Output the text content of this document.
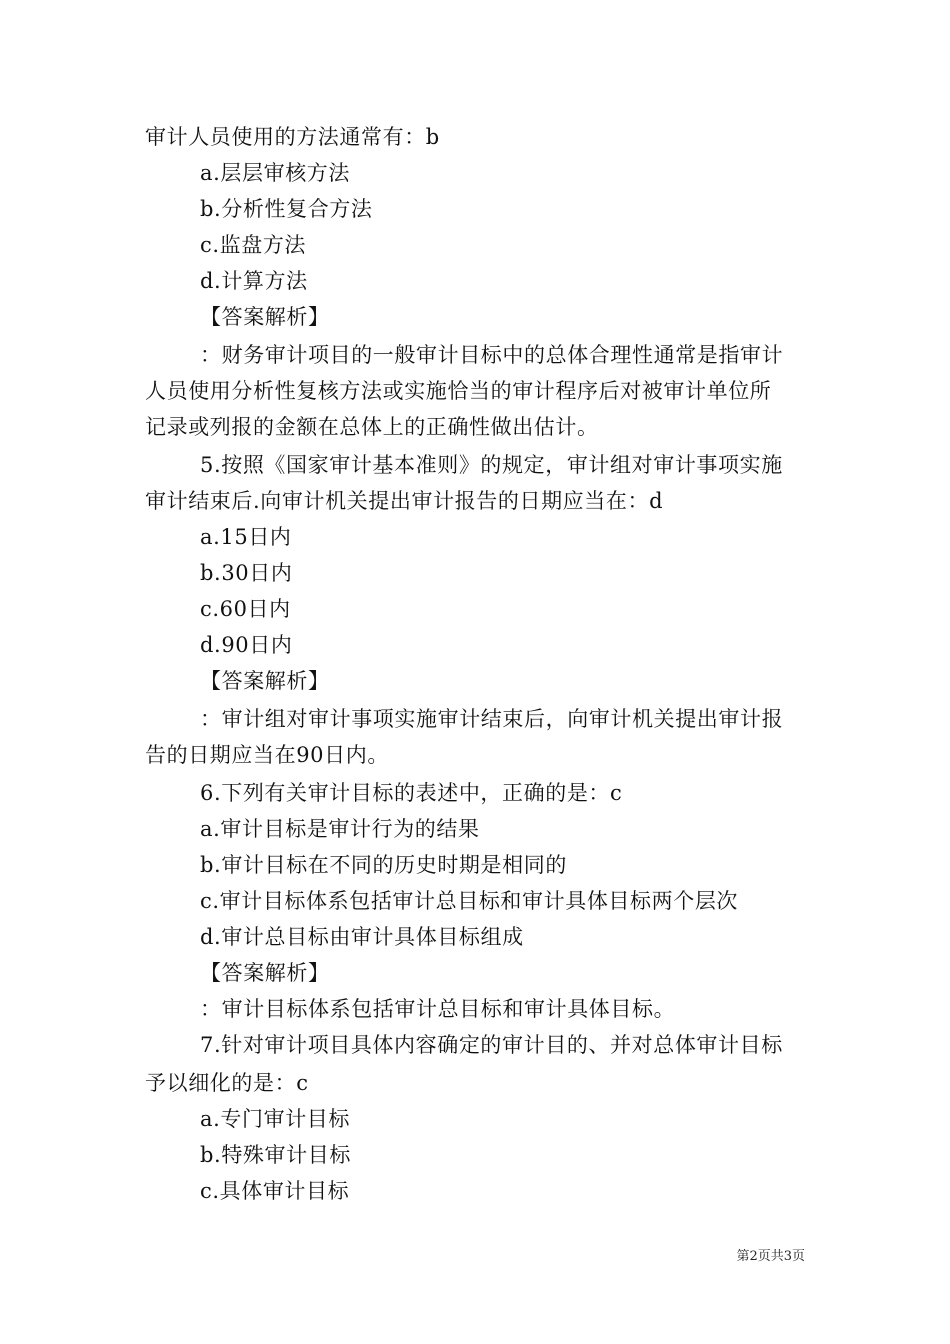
审计人员使用的方法通常有：b
a.层层审核方法
b.分析性复合方法
c.监盘方法
d.计算方法
【答案解析】
：财务审计项目的一般审计目标中的总体合理性通常是指审计
人员使用分析性复核方法或实施恰当的审计程序后对被审计单位所
记录或列报的金额在总体上的正确性做出估计。
5.按照《国家审计基本准则》的规定，审计组对审计事项实施
审计结束后.向审计机关提出审计报告的日期应当在：d
a.15日内
b.30日内
c.60日内
d.90日内
【答案解析】
：审计组对审计事项实施审计结束后，向审计机关提出审计报
告的日期应当在90日内。
6.下列有关审计目标的表述中，正确的是：c
a.审计目标是审计行为的结果
b.审计目标在不同的历史时期是相同的
c.审计目标体系包括审计总目标和审计具体目标两个层次
d.审计总目标由审计具体目标组成
【答案解析】
：审计目标体系包括审计总目标和审计具体目标。
7.针对审计项目具体内容确定的审计目的、并对总体审计目标
予以细化的是：c
a.专门审计目标
b.特殊审计目标
c.具体审计目标
第2页共3页
